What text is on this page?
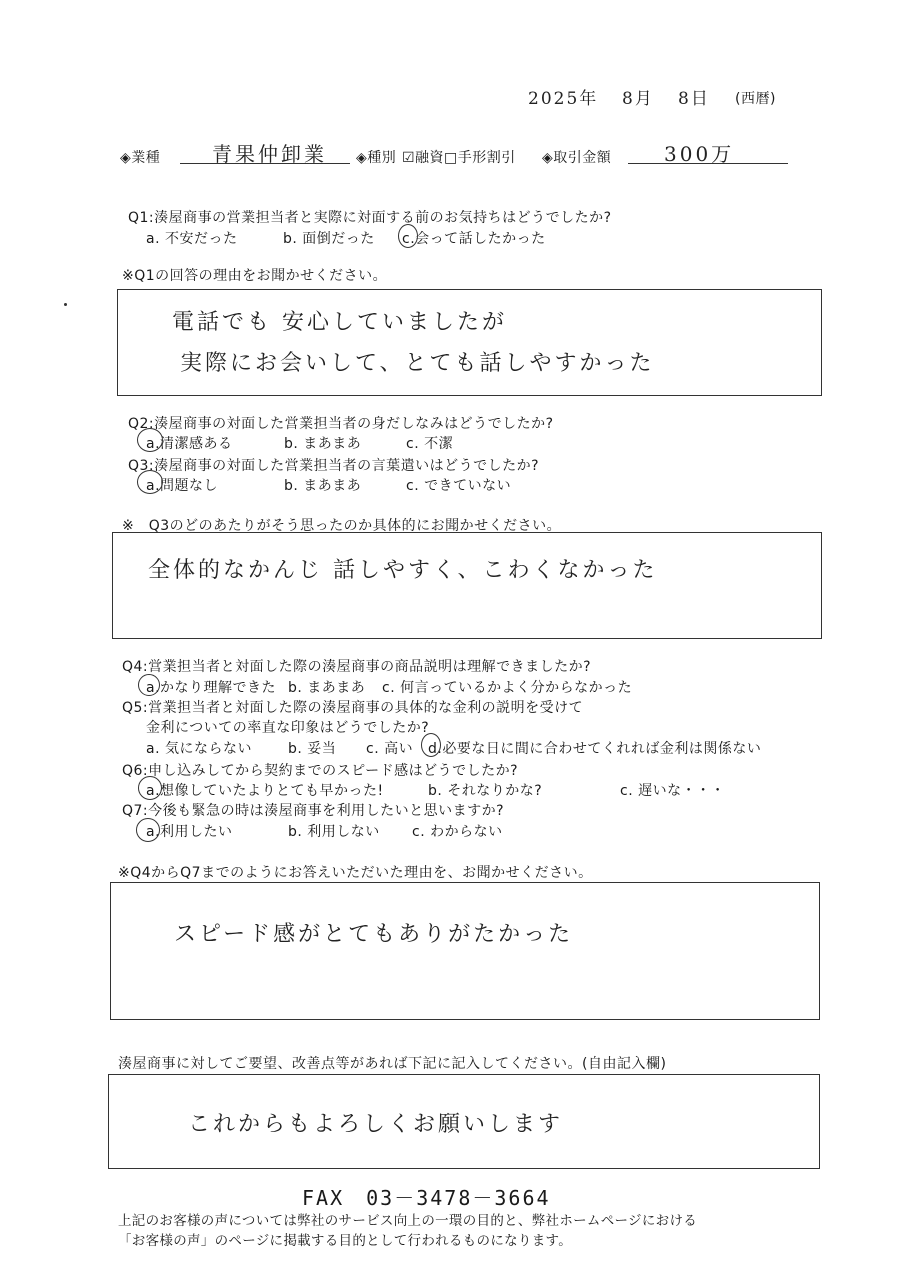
2025年 8月 8日 (西暦)
◈業種	青果仲卸業 ◈種別 ☑融資□手形割引 ◈取引金額	300万
Q1:湊屋商事の営業担当者と実際に対面する前のお気持ちはどうでしたか?
a. 不安だった	b. 面倒だった c.会って話したかった
※Q1の回答の理由をお聞かせください。
電話でも 安心していましたが
実際にお会いして、とても話しやすかった
Q2:湊屋商事の対面した営業担当者の身だしなみはどうでしたか?
a.清潔感ある	b. まあまあ	c. 不潔
Q3:湊屋商事の対面した営業担当者の言葉遣いはどうでしたか?
a.問題なし	b. まあまあ	c. できていない
※　Q3のどのあたりがそう思ったのか具体的にお聞かせください。
全体的なかんじ 話しやすく、こわくなかった
Q4:営業担当者と対面した際の湊屋商事の商品説明は理解できましたか?
a.かなり理解できた b. まあまあ c. 何言っているかよく分からなかった
Q5:営業担当者と対面した際の湊屋商事の具体的な金利の説明を受けて
金利についての率直な印象はどうでしたか?
a. 気にならない	b. 妥当 c. 高い d.必要な日に間に合わせてくれれば金利は関係ない
Q6:申し込みしてから契約までのスピード感はどうでしたか?
a.想像していたよりとても早かった!	b. それなりかな?	c. 遅いな・・・
Q7:今後も緊急の時は湊屋商事を利用したいと思いますか?
a.利用したい	b. 利用しない c. わからない
※Q4からQ7までのようにお答えいただいた理由を、お聞かせください。
スピード感がとてもありがたかった
湊屋商事に対してご要望、改善点等があれば下記に記入してください。(自由記入欄)
これからもよろしくお願いします
FAX　03－3478－3664
上記のお客様の声については弊社のサービス向上の一環の目的と、弊社ホームページにおける
「お客様の声」のページに掲載する目的として行われるものになります。
